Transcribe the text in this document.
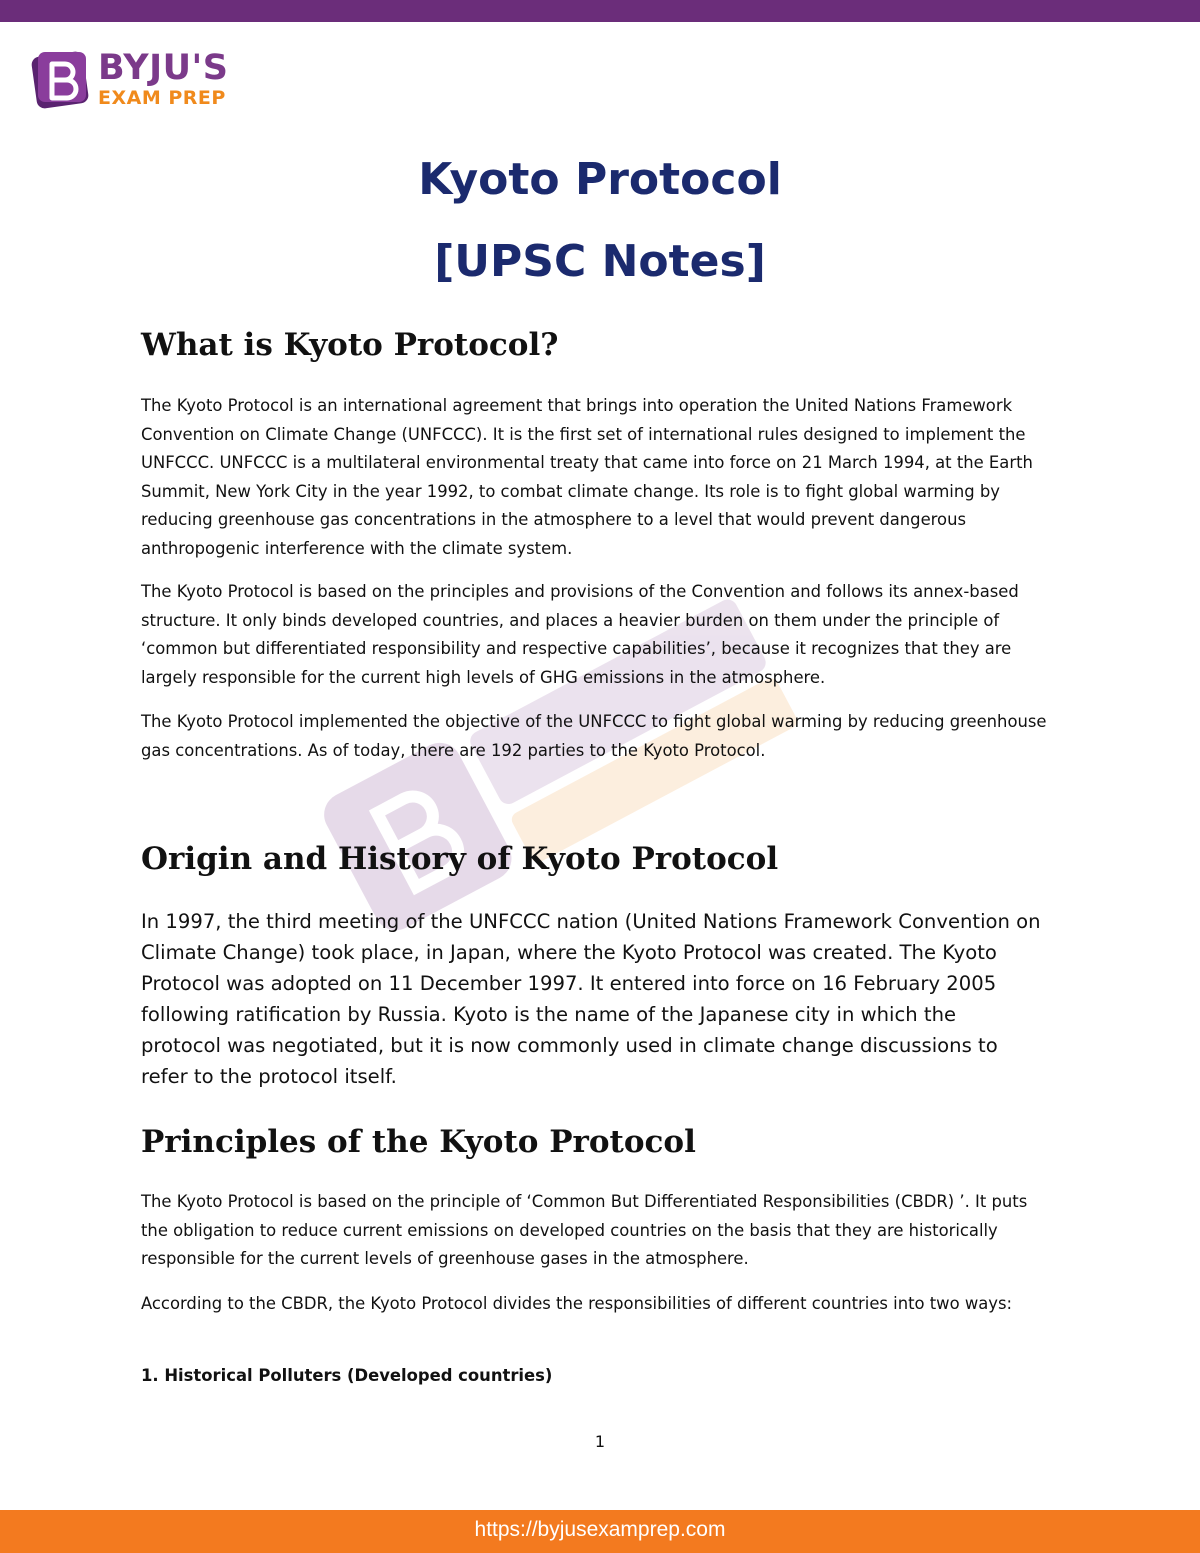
BYJU'S
EXAM PREP
Kyoto Protocol
[UPSC Notes]
What is Kyoto Protocol?

The Kyoto Protocol is an international agreement that brings into operation the United Nations Framework Convention on Climate Change (UNFCCC). It is the first set of international rules designed to implement the UNFCCC. UNFCCC is a multilateral environmental treaty that came into force on 21 March 1994, at the Earth Summit, New York City in the year 1992, to combat climate change. Its role is to fight global warming by reducing greenhouse gas concentrations in the atmosphere to a level that would prevent dangerous anthropogenic interference with the climate system.

The Kyoto Protocol is based on the principles and provisions of the Convention and follows its annex-based structure. It only binds developed countries, and places a heavier burden on them under the principle of ‘common but differentiated responsibility and respective capabilities’, because it recognizes that they are largely responsible for the current high levels of GHG emissions in the atmosphere.

The Kyoto Protocol implemented the objective of the UNFCCC to fight global warming by reducing greenhouse gas concentrations. As of today, there are 192 parties to the Kyoto Protocol.

Origin and History of Kyoto Protocol

In 1997, the third meeting of the UNFCCC nation (United Nations Framework Convention on Climate Change) took place, in Japan, where the Kyoto Protocol was created. The Kyoto Protocol was adopted on 11 December 1997. It entered into force on 16 February 2005 following ratification by Russia. Kyoto is the name of the Japanese city in which the protocol was negotiated, but it is now commonly used in climate change discussions to refer to the protocol itself.

Principles of the Kyoto Protocol

The Kyoto Protocol is based on the principle of ‘Common But Differentiated Responsibilities (CBDR) ’. It puts the obligation to reduce current emissions on developed countries on the basis that they are historically responsible for the current levels of greenhouse gases in the atmosphere.

According to the CBDR, the Kyoto Protocol divides the responsibilities of different countries into two ways:

1. Historical Polluters (Developed countries)
1
https://byjusexamprep.com
